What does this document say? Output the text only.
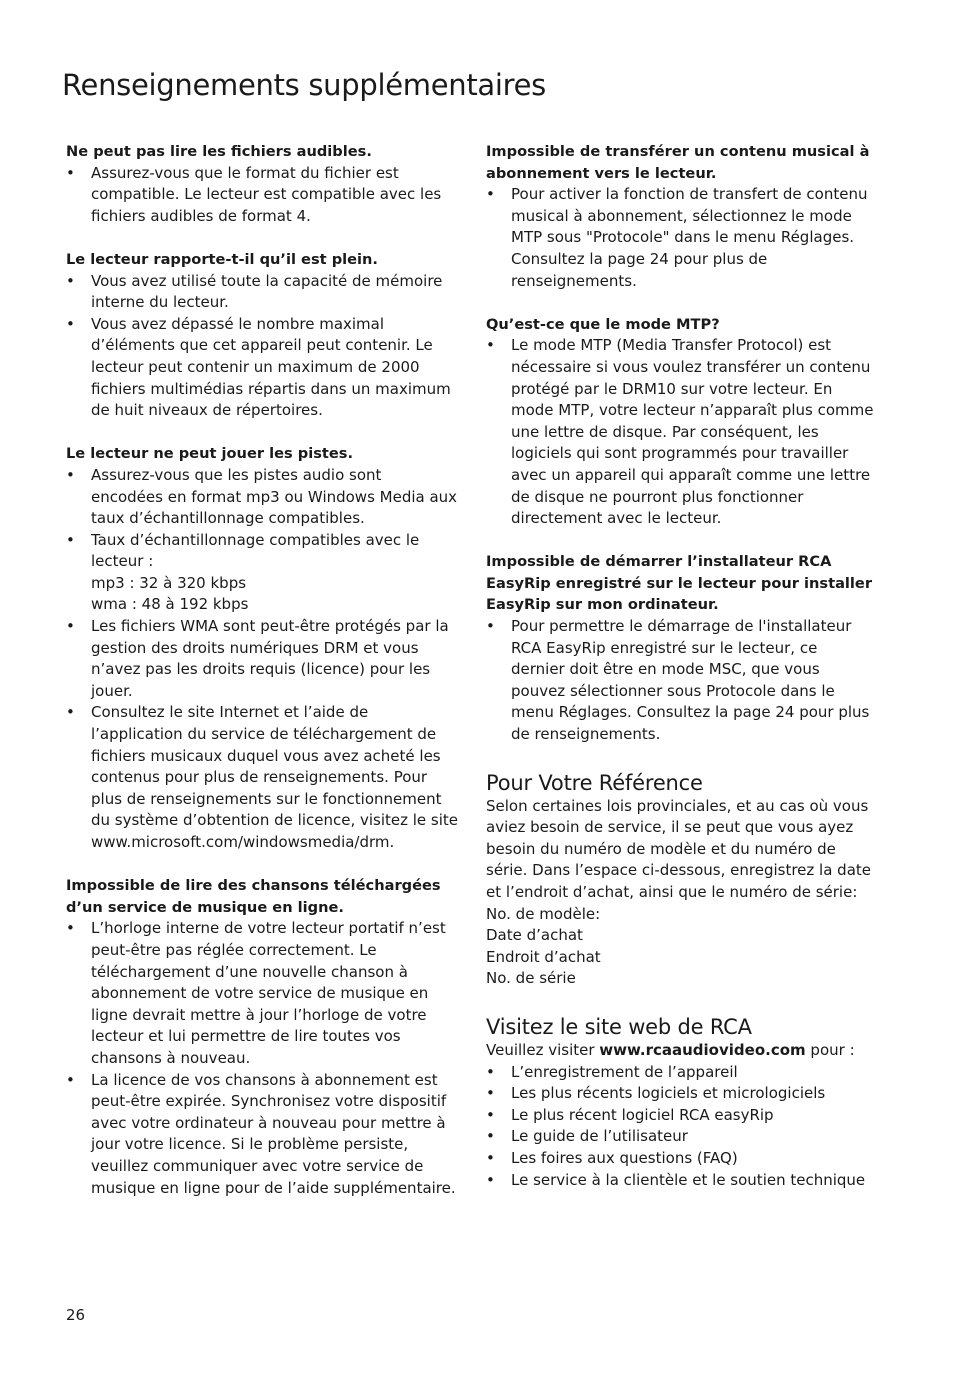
Renseignements supplémentaires
Ne peut pas lire les fichiers audibles.
• Assurez-vous que le format du fichier est compatible. Le lecteur est compatible avec les fichiers audibles de format 4.
Le lecteur rapporte-t-il qu’il est plein.
• Vous avez utilisé toute la capacité de mémoire interne du lecteur.
• Vous avez dépassé le nombre maximal d’éléments que cet appareil peut contenir. Le lecteur peut contenir un maximum de 2000 fichiers multimédias répartis dans un maximum de huit niveaux de répertoires.
Le lecteur ne peut jouer les pistes.
• Assurez-vous que les pistes audio sont encodées en format mp3 ou Windows Media aux taux d’échantillonnage compatibles.
• Taux d’échantillonnage compatibles avec le lecteur :
mp3 : 32 à 320 kbps
wma : 48 à 192 kbps
• Les fichiers WMA sont peut-être protégés par la gestion des droits numériques DRM et vous n’avez pas les droits requis (licence) pour les jouer.
• Consultez le site Internet et l’aide de l’application du service de téléchargement de fichiers musicaux duquel vous avez acheté les contenus pour plus de renseignements. Pour plus de renseignements sur le fonctionnement du système d’obtention de licence, visitez le site www.microsoft.com/windowsmedia/drm.
Impossible de lire des chansons téléchargées d’un service de musique en ligne.
• L’horloge interne de votre lecteur portatif n’est peut-être pas réglée correctement. Le téléchargement d’une nouvelle chanson à abonnement de votre service de musique en ligne devrait mettre à jour l’horloge de votre lecteur et lui permettre de lire toutes vos chansons à nouveau.
• La licence de vos chansons à abonnement est peut-être expirée. Synchronisez votre dispositif avec votre ordinateur à nouveau pour mettre à jour votre licence. Si le problème persiste, veuillez communiquer avec votre service de musique en ligne pour de l’aide supplémentaire.
Impossible de transférer un contenu musical à abonnement vers le lecteur.
• Pour activer la fonction de transfert de contenu musical à abonnement, sélectionnez le mode MTP sous "Protocole" dans le menu Réglages. Consultez la page 24 pour plus de renseignements.
Qu’est-ce que le mode MTP?
• Le mode MTP (Media Transfer Protocol) est nécessaire si vous voulez transférer un contenu protégé par le DRM10 sur votre lecteur. En mode MTP, votre lecteur n’apparaît plus comme une lettre de disque. Par conséquent, les logiciels qui sont programmés pour travailler avec un appareil qui apparaît comme une lettre de disque ne pourront plus fonctionner directement avec le lecteur.
Impossible de démarrer l’installateur RCA EasyRip enregistré sur le lecteur pour installer EasyRip sur mon ordinateur.
• Pour permettre le démarrage de l'installateur RCA EasyRip enregistré sur le lecteur, ce dernier doit être en mode MSC, que vous pouvez sélectionner sous Protocole dans le menu Réglages. Consultez la page 24 pour plus de renseignements.
Pour Votre Référence
Selon certaines lois provinciales, et au cas où vous aviez besoin de service, il se peut que vous ayez besoin du numéro de modèle et du numéro de série. Dans l’espace ci-dessous, enregistrez la date et l’endroit d’achat, ainsi que le numéro de série:
No. de modèle:
Date d’achat
Endroit d’achat
No. de série
Visitez le site web de RCA
Veuillez visiter www.rcaaudiovideo.com pour :
• L’enregistrement de l’appareil
• Les plus récents logiciels et micrologiciels
• Le plus récent logiciel RCA easyRip
• Le guide de l’utilisateur
• Les foires aux questions (FAQ)
• Le service à la clientèle et le soutien technique
26
